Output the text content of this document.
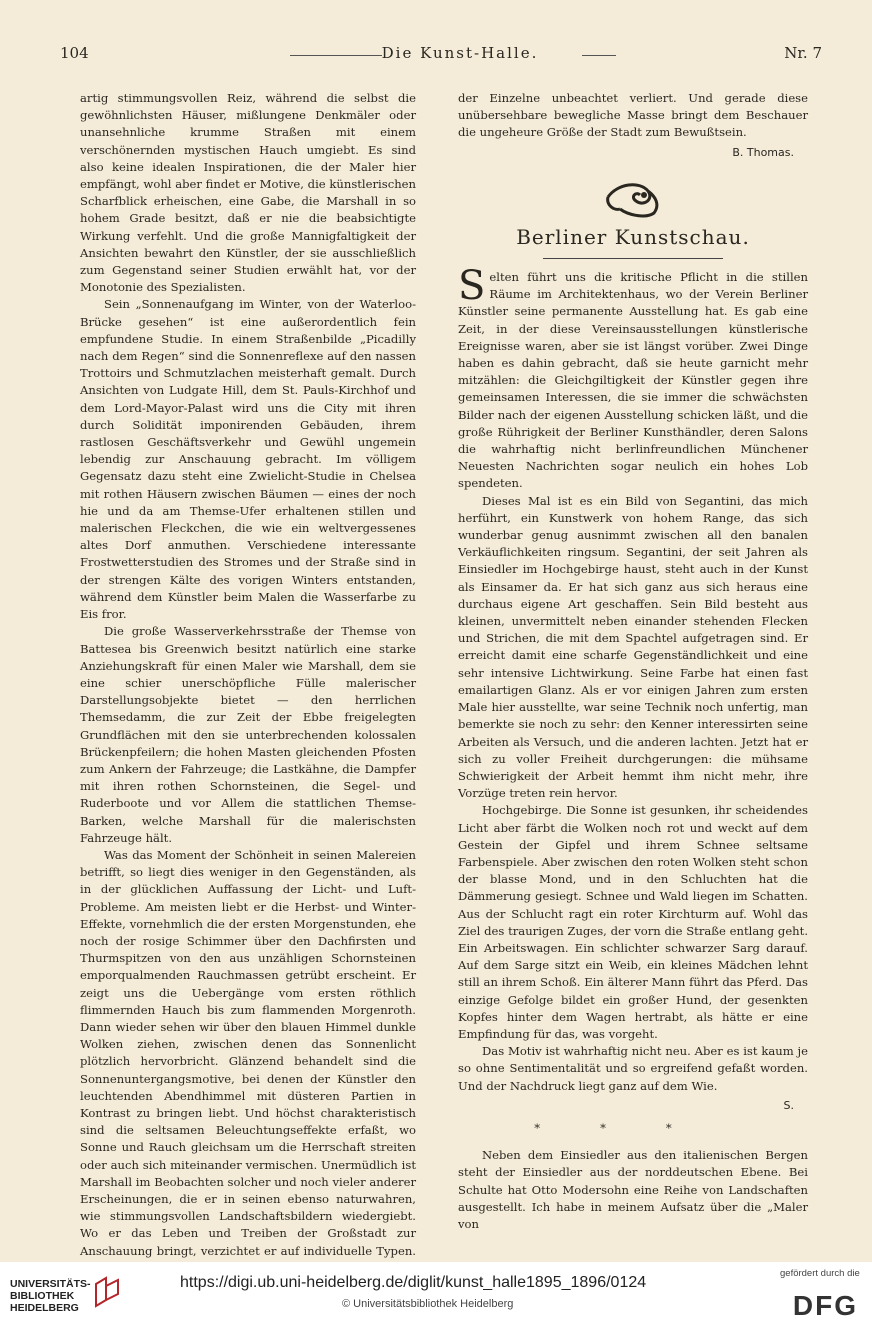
104	Die Kunst-Halle.	Nr. 7

artig stimmungsvollen Reiz, während die selbst die gewöhnlichsten Häuser, mißlungene Denkmäler oder unansehnliche krumme Straßen mit einem verschönernden mystischen Hauch umgiebt. Es sind also keine idealen Inspirationen, die der Maler hier empfängt, wohl aber findet er Motive, die künstlerischen Scharfblick erheischen, eine Gabe, die Marshall in so hohem Grade besitzt, daß er nie die beabsichtigte Wirkung verfehlt. Und die große Mannigfaltigkeit der Ansichten bewahrt den Künstler, der sie ausschließlich zum Gegenstand seiner Studien erwählt hat, vor der Monotonie des Spezialisten.

Sein „Sonnenaufgang im Winter, von der Waterloo-Brücke gesehen“ ist eine außerordentlich fein empfundene Studie. In einem Straßenbilde „Picadilly nach dem Regen“ sind die Sonnenreflexe auf den nassen Trottoirs und Schmutzlachen meisterhaft gemalt. Durch Ansichten von Ludgate Hill, dem St. Pauls-Kirchhof und dem Lord-Mayor-Palast wird uns die City mit ihren durch Solidität imponirenden Gebäuden, ihrem rastlosen Geschäftsverkehr und Gewühl ungemein lebendig zur Anschauung gebracht. Im völligem Gegensatz dazu steht eine Zwielicht-Studie in Chelsea mit rothen Häusern zwischen Bäumen — eines der noch hie und da am Themse-Ufer erhaltenen stillen und malerischen Fleckchen, die wie ein weltvergessenes altes Dorf anmuthen. Verschiedene interessante Frostwetterstudien des Stromes und der Straße sind in der strengen Kälte des vorigen Winters entstanden, während dem Künstler beim Malen die Wasserfarbe zu Eis fror.

Die große Wasserverkehrsstraße der Themse von Battesea bis Greenwich besitzt natürlich eine starke Anziehungskraft für einen Maler wie Marshall, dem sie eine schier unerschöpfliche Fülle malerischer Darstellungsobjekte bietet — den herrlichen Themsedamm, die zur Zeit der Ebbe freigelegten Grundflächen mit den sie unterbrechenden kolossalen Brückenpfeilern; die hohen Masten gleichenden Pfosten zum Ankern der Fahrzeuge; die Lastkähne, die Dampfer mit ihren rothen Schornsteinen, die Segel- und Ruderboote und vor Allem die stattlichen Themse-Barken, welche Marshall für die malerischsten Fahrzeuge hält.

Was das Moment der Schönheit in seinen Malereien betrifft, so liegt dies weniger in den Gegenständen, als in der glücklichen Auffassung der Licht- und Luft-Probleme. Am meisten liebt er die Herbst- und Winter-Effekte, vornehmlich die der ersten Morgenstunden, ehe noch der rosige Schimmer über den Dachfirsten und Thurmspitzen von den aus unzähligen Schornsteinen emporqualmenden Rauchmassen getrübt erscheint. Er zeigt uns die Uebergänge vom ersten röthlich flimmernden Hauch bis zum flammenden Morgenroth. Dann wieder sehen wir über den blauen Himmel dunkle Wolken ziehen, zwischen denen das Sonnenlicht plötzlich hervorbricht. Glänzend behandelt sind die Sonnenuntergangsmotive, bei denen der Künstler den leuchtenden Abendhimmel mit düsteren Partien in Kontrast zu bringen liebt. Und höchst charakteristisch sind die seltsamen Beleuchtungseffekte erfaßt, wo Sonne und Rauch gleichsam um die Herrschaft streiten oder auch sich miteinander vermischen. Unermüdlich ist Marshall im Beobachten solcher und noch vieler anderer Erscheinungen, die er in seinen ebenso naturwahren, wie stimmungsvollen Landschaftsbildern wiedergiebt. Wo er das Leben und Treiben der Großstadt zur Anschauung bringt, verzichtet er auf individuelle Typen.

der Einzelne unbeachtet verliert. Und gerade diese unübersehbare bewegliche Masse bringt dem Beschauer die ungeheure Größe der Stadt zum Bewußtsein.

B. Thomas.
Berliner Kunstschau.

S elten führt uns die kritische Pflicht in die stillen Räume im Architektenhaus, wo der Verein Berliner Künstler seine permanente Ausstellung hat. Es gab eine Zeit, in der diese Vereinsausstellungen künstlerische Ereignisse waren, aber sie ist längst vorüber. Zwei Dinge haben es dahin gebracht, daß sie heute garnicht mehr mitzählen: die Gleichgiltigkeit der Künstler gegen ihre gemeinsamen Interessen, die sie immer die schwächsten Bilder nach der eigenen Ausstellung schicken läßt, und die große Rührigkeit der Berliner Kunsthändler, deren Salons die wahrhaftig nicht berlinfreundlichen Münchener Neuesten Nachrichten sogar neulich ein hohes Lob spendeten.

Dieses Mal ist es ein Bild von Segantini, das mich herführt, ein Kunstwerk von hohem Range, das sich wunderbar genug ausnimmt zwischen all den banalen Verkäuflichkeiten ringsum. Segantini, der seit Jahren als Einsiedler im Hochgebirge haust, steht auch in der Kunst als Einsamer da. Er hat sich ganz aus sich heraus eine durchaus eigene Art geschaffen. Sein Bild besteht aus kleinen, unvermittelt neben einander stehenden Flecken und Strichen, die mit dem Spachtel aufgetragen sind. Er erreicht damit eine scharfe Gegenständlichkeit und eine sehr intensive Lichtwirkung. Seine Farbe hat einen fast emailartigen Glanz. Als er vor einigen Jahren zum ersten Male hier ausstellte, war seine Technik noch unfertig, man bemerkte sie noch zu sehr: den Kenner interessirten seine Arbeiten als Versuch, und die anderen lachten. Jetzt hat er sich zu voller Freiheit durchgerungen: die mühsame Schwierigkeit der Arbeit hemmt ihm nicht mehr, ihre Vorzüge treten rein hervor.

Hochgebirge. Die Sonne ist gesunken, ihr scheidendes Licht aber färbt die Wolken noch rot und weckt auf dem Gestein der Gipfel und ihrem Schnee seltsame Farbenspiele. Aber zwischen den roten Wolken steht schon der blasse Mond, und in den Schluchten hat die Dämmerung gesiegt. Schnee und Wald liegen im Schatten. Aus der Schlucht ragt ein roter Kirchturm auf. Wohl das Ziel des traurigen Zuges, der vorn die Straße entlang geht. Ein Arbeitswagen. Ein schlichter schwarzer Sarg darauf. Auf dem Sarge sitzt ein Weib, ein kleines Mädchen lehnt still an ihrem Schoß. Ein älterer Mann führt das Pferd. Das einzige Gefolge bildet ein großer Hund, der gesenkten Kopfes hinter dem Wagen hertrabt, als hätte er eine Empfindung für das, was vorgeht.

Das Motiv ist wahrhaftig nicht neu. Aber es ist kaum je so ohne Sentimentalität und so ergreifend gefaßt worden. Und der Nachdruck liegt ganz auf dem Wie.

S.
***

Neben dem Einsiedler aus den italienischen Bergen steht der Einsiedler aus der norddeutschen Ebene. Bei Schulte hat Otto Modersohn eine Reihe von Landschaften ausgestellt. Ich habe in meinem Aufsatz über die „Maler von

UNIVERSITÄTS-
BIBLIOTHEK
HEIDELBERG
https://digi.ub.uni-heidelberg.de/diglit/kunst_halle1895_1896/0124
© Universitätsbibliothek Heidelberg
gefördert durch die
DFG
